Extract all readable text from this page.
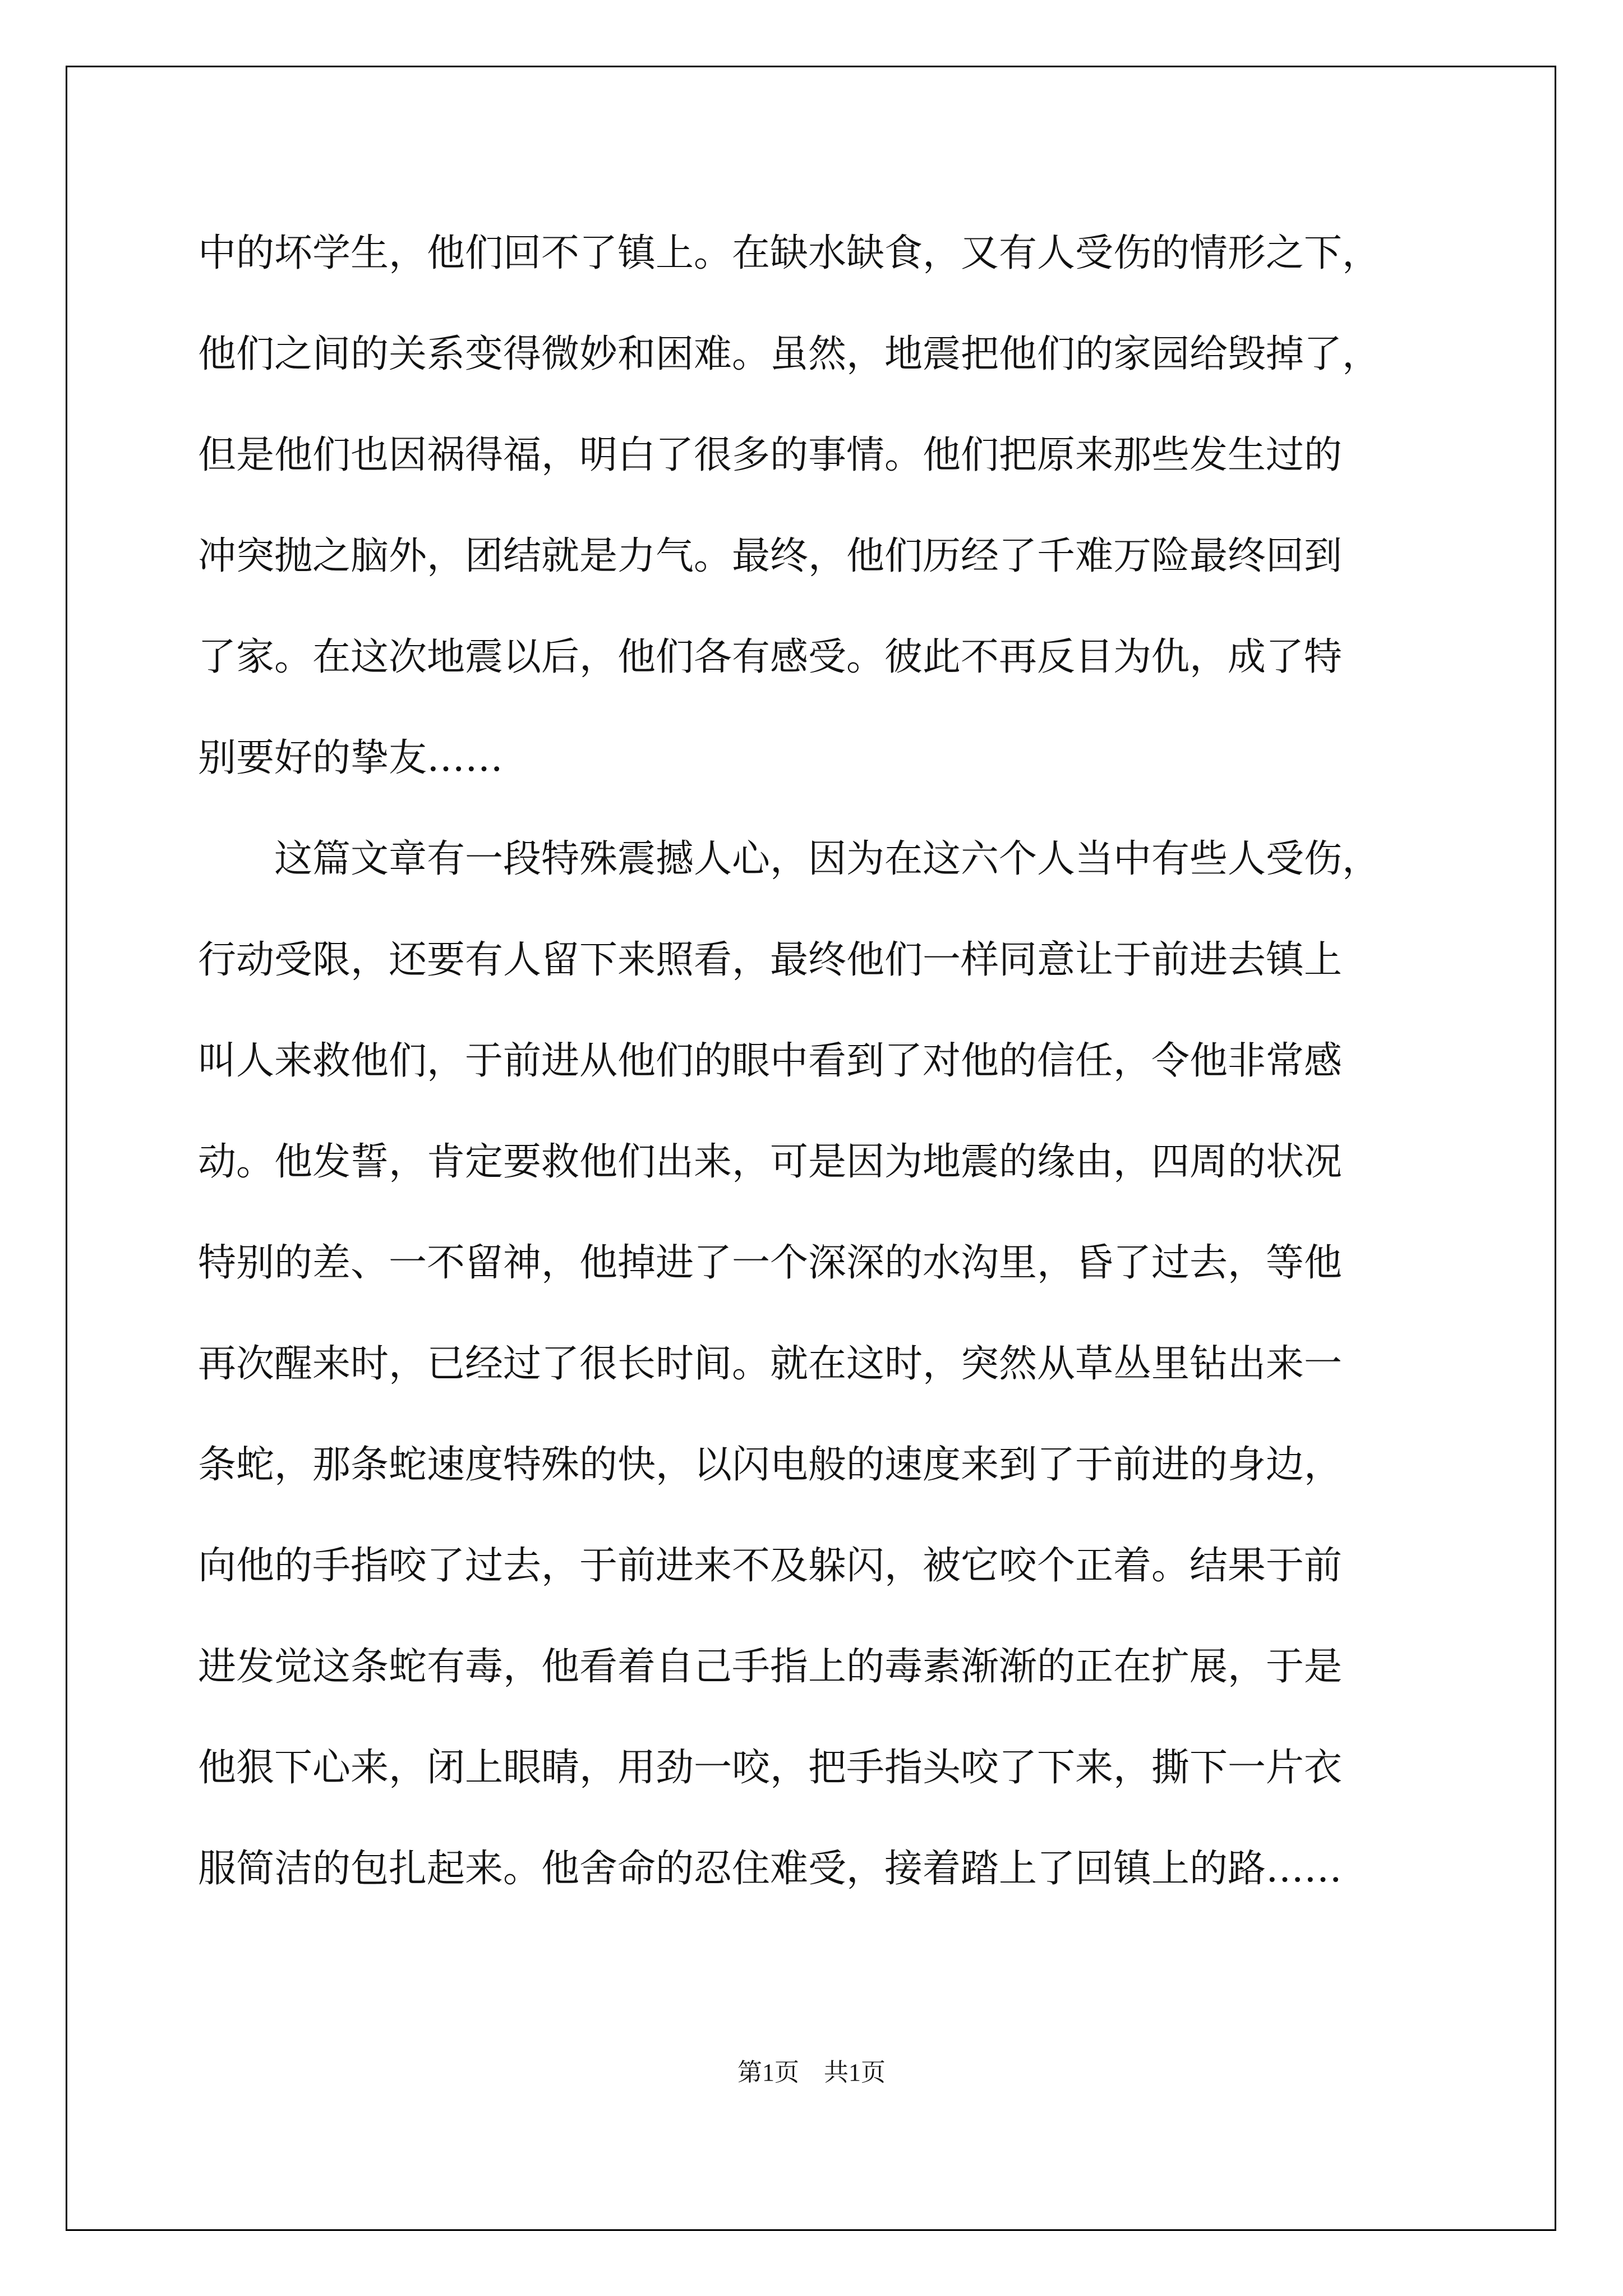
中的坏学生，他们回不了镇上。在缺水缺食，又有人受伤的情形之下，
他们之间的关系变得微妙和困难。虽然，地震把他们的家园给毁掉了，
但是他们也因祸得福，明白了很多的事情。他们把原来那些发生过的
冲突抛之脑外，团结就是力气。最终，他们历经了千难万险最终回到
了家。在这次地震以后，他们各有感受。彼此不再反目为仇，成了特
别要好的挚友……
　　这篇文章有一段特殊震撼人心，因为在这六个人当中有些人受伤，
行动受限，还要有人留下来照看，最终他们一样同意让于前进去镇上
叫人来救他们，于前进从他们的眼中看到了对他的信任，令他非常感
动。他发誓，肯定要救他们出来，可是因为地震的缘由，四周的状况
特别的差、一不留神，他掉进了一个深深的水沟里，昏了过去，等他
再次醒来时，已经过了很长时间。就在这时，突然从草丛里钻出来一
条蛇，那条蛇速度特殊的快，以闪电般的速度来到了于前进的身边，
向他的手指咬了过去，于前进来不及躲闪，被它咬个正着。结果于前
进发觉这条蛇有毒，他看着自己手指上的毒素渐渐的正在扩展，于是
他狠下心来，闭上眼睛，用劲一咬，把手指头咬了下来，撕下一片衣
服简洁的包扎起来。他舍命的忍住难受，接着踏上了回镇上的路……
第1页　共1页
